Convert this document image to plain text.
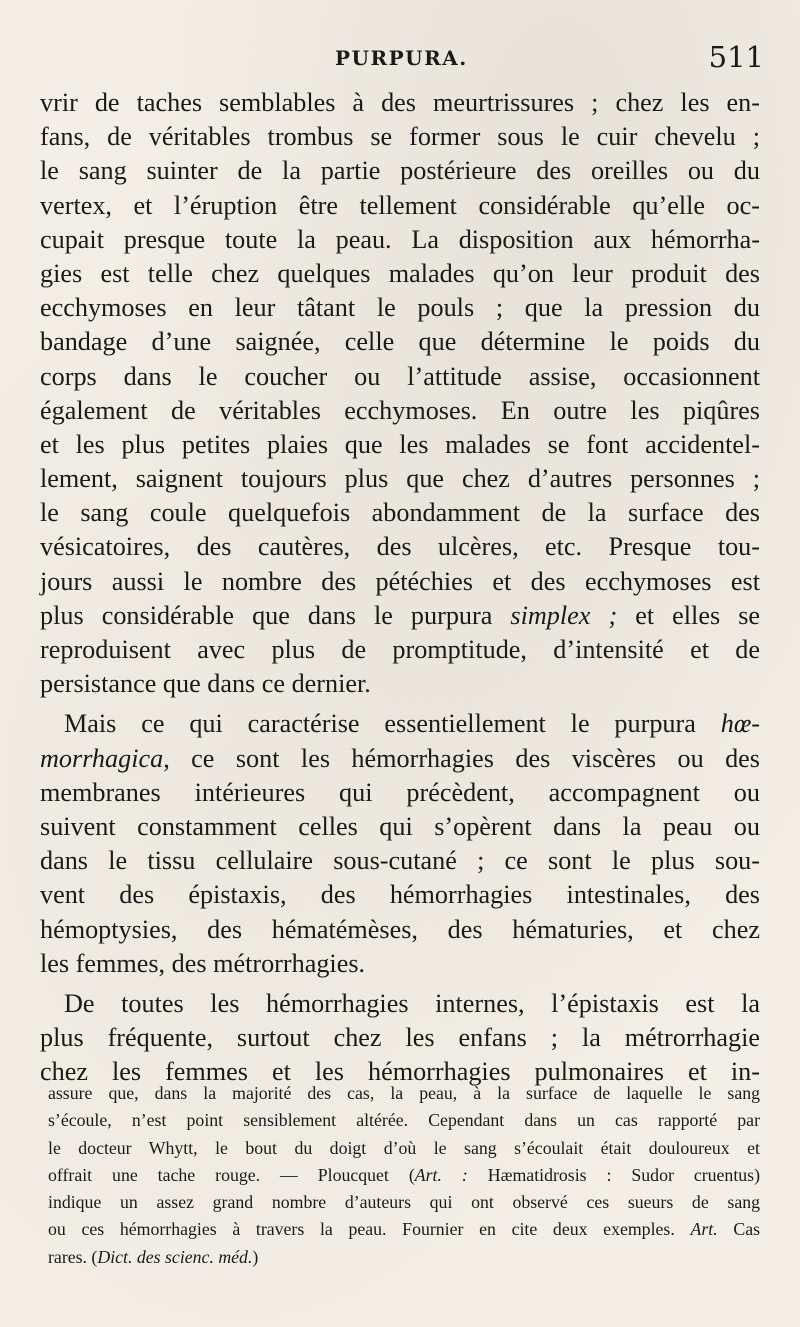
PURPURA.	511
vrir de taches semblables à des meurtrissures ; chez les en-
fans, de véritables trombus se former sous le cuir chevelu ;
le sang suinter de la partie postérieure des oreilles ou du
vertex, et l’éruption être tellement considérable qu’elle oc-
cupait presque toute la peau. La disposition aux hémorrha-
gies est telle chez quelques malades qu’on leur produit des
ecchymoses en leur tâtant le pouls ; que la pression du
bandage d’une saignée, celle que détermine le poids du
corps dans le coucher ou l’attitude assise, occasionnent
également de véritables ecchymoses. En outre les piqûres
et les plus petites plaies que les malades se font accidentel-
lement, saignent toujours plus que chez d’autres personnes ;
le sang coule quelquefois abondamment de la surface des
vésicatoires, des cautères, des ulcères, etc. Presque tou-
jours aussi le nombre des pétéchies et des ecchymoses est
plus considérable que dans le purpura simplex ; et elles se
reproduisent avec plus de promptitude, d’intensité et de
persistance que dans ce dernier.
Mais ce qui caractérise essentiellement le purpura hœ-
morrhagica, ce sont les hémorrhagies des viscères ou des
membranes intérieures qui précèdent, accompagnent ou
suivent constamment celles qui s’opèrent dans la peau ou
dans le tissu cellulaire sous-cutané ; ce sont le plus sou-
vent des épistaxis, des hémorrhagies intestinales, des
hémoptysies, des hématémèses, des hématuries, et chez
les femmes, des métrorrhagies.
De toutes les hémorrhagies internes, l’épistaxis est la
plus fréquente, surtout chez les enfans ; la métrorrhagie
chez les femmes et les hémorrhagies pulmonaires et in-
assure que, dans la majorité des cas, la peau, à la surface de laquelle le sang
s’écoule, n’est point sensiblement altérée. Cependant dans un cas rapporté par
le docteur Whytt, le bout du doigt d’où le sang s’écoulait était douloureux et
offrait une tache rouge. — Ploucquet (Art. : Hæmatidrosis : Sudor cruentus)
indique un assez grand nombre d’auteurs qui ont observé ces sueurs de sang
ou ces hémorrhagies à travers la peau. Fournier en cite deux exemples. Art. Cas
rares. (Dict. des scienc. méd.)
